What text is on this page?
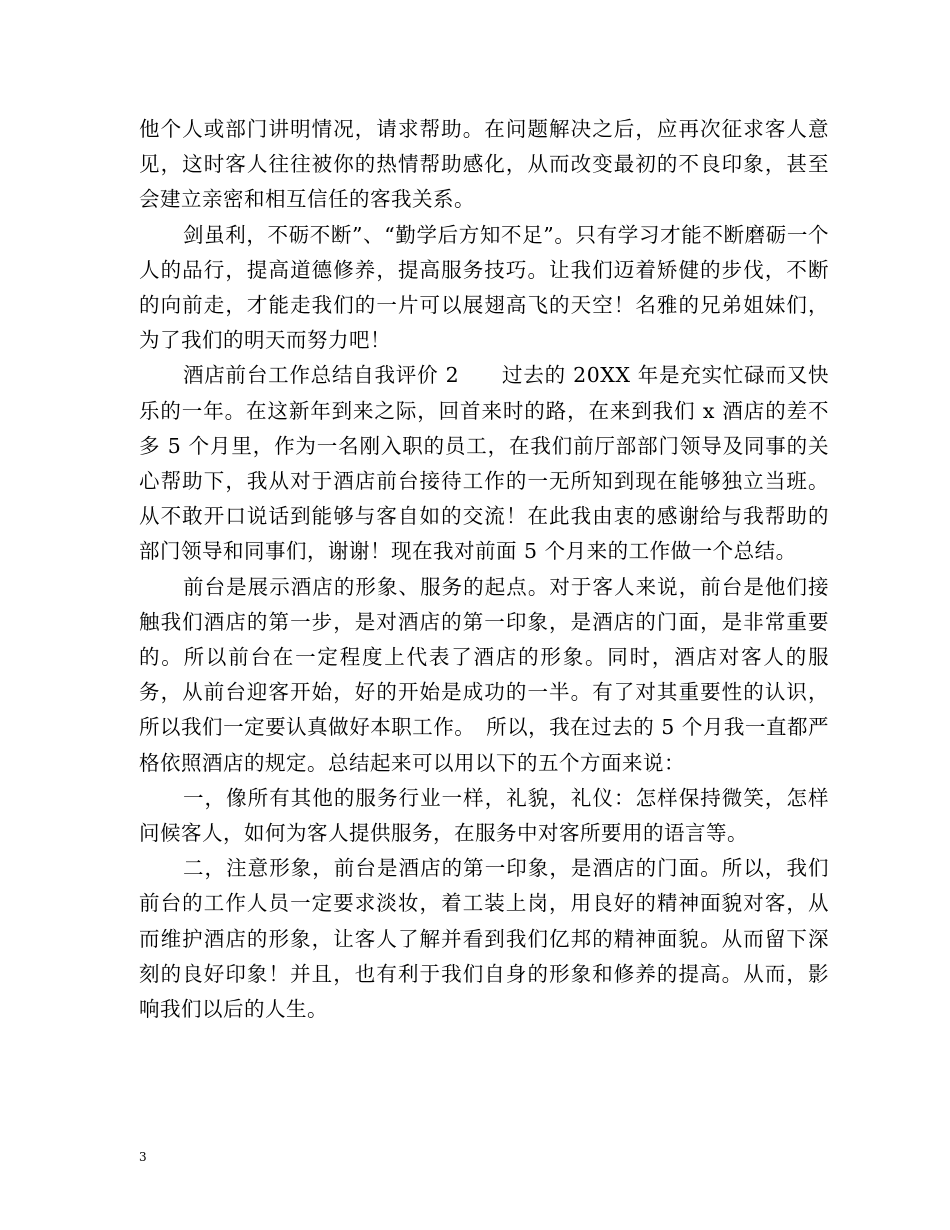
他个人或部门讲明情况，请求帮助。在问题解决之后，应再次征求客人意见，这时客人往往被你的热情帮助感化，从而改变最初的不良印象，甚至会建立亲密和相互信任的客我关系。

剑虽利，不砺不断”、“勤学后方知不足”。只有学习才能不断磨砺一个人的品行，提高道德修养，提高服务技巧。让我们迈着矫健的步伐，不断的向前走，才能走我们的一片可以展翅高飞的天空！名雅的兄弟姐妹们，为了我们的明天而努力吧！

酒店前台工作总结自我评价 2　　过去的 20XX 年是充实忙碌而又快乐的一年。在这新年到来之际，回首来时的路，在来到我们 x 酒店的差不多 5 个月里，作为一名刚入职的员工，在我们前厅部部门领导及同事的关心帮助下，我从对于酒店前台接待工作的一无所知到现在能够独立当班。从不敢开口说话到能够与客自如的交流！在此我由衷的感谢给与我帮助的部门领导和同事们，谢谢！现在我对前面 5 个月来的工作做一个总结。

前台是展示酒店的形象、服务的起点。对于客人来说，前台是他们接触我们酒店的第一步，是对酒店的第一印象，是酒店的门面，是非常重要的。所以前台在一定程度上代表了酒店的形象。同时，酒店对客人的服务，从前台迎客开始，好的开始是成功的一半。有了对其重要性的认识，所以我们一定要认真做好本职工作。　所以，我在过去的 5 个月我一直都严格依照酒店的规定。总结起来可以用以下的五个方面来说：

一，像所有其他的服务行业一样，礼貌，礼仪：怎样保持微笑，怎样问候客人，如何为客人提供服务，在服务中对客所要用的语言等。

二，注意形象，前台是酒店的第一印象，是酒店的门面。所以，我们前台的工作人员一定要求淡妆，着工装上岗，用良好的精神面貌对客，从而维护酒店的形象，让客人了解并看到我们亿邦的精神面貌。从而留下深刻的良好印象！并且，也有利于我们自身的形象和修养的提高。从而，影响我们以后的人生。

3
